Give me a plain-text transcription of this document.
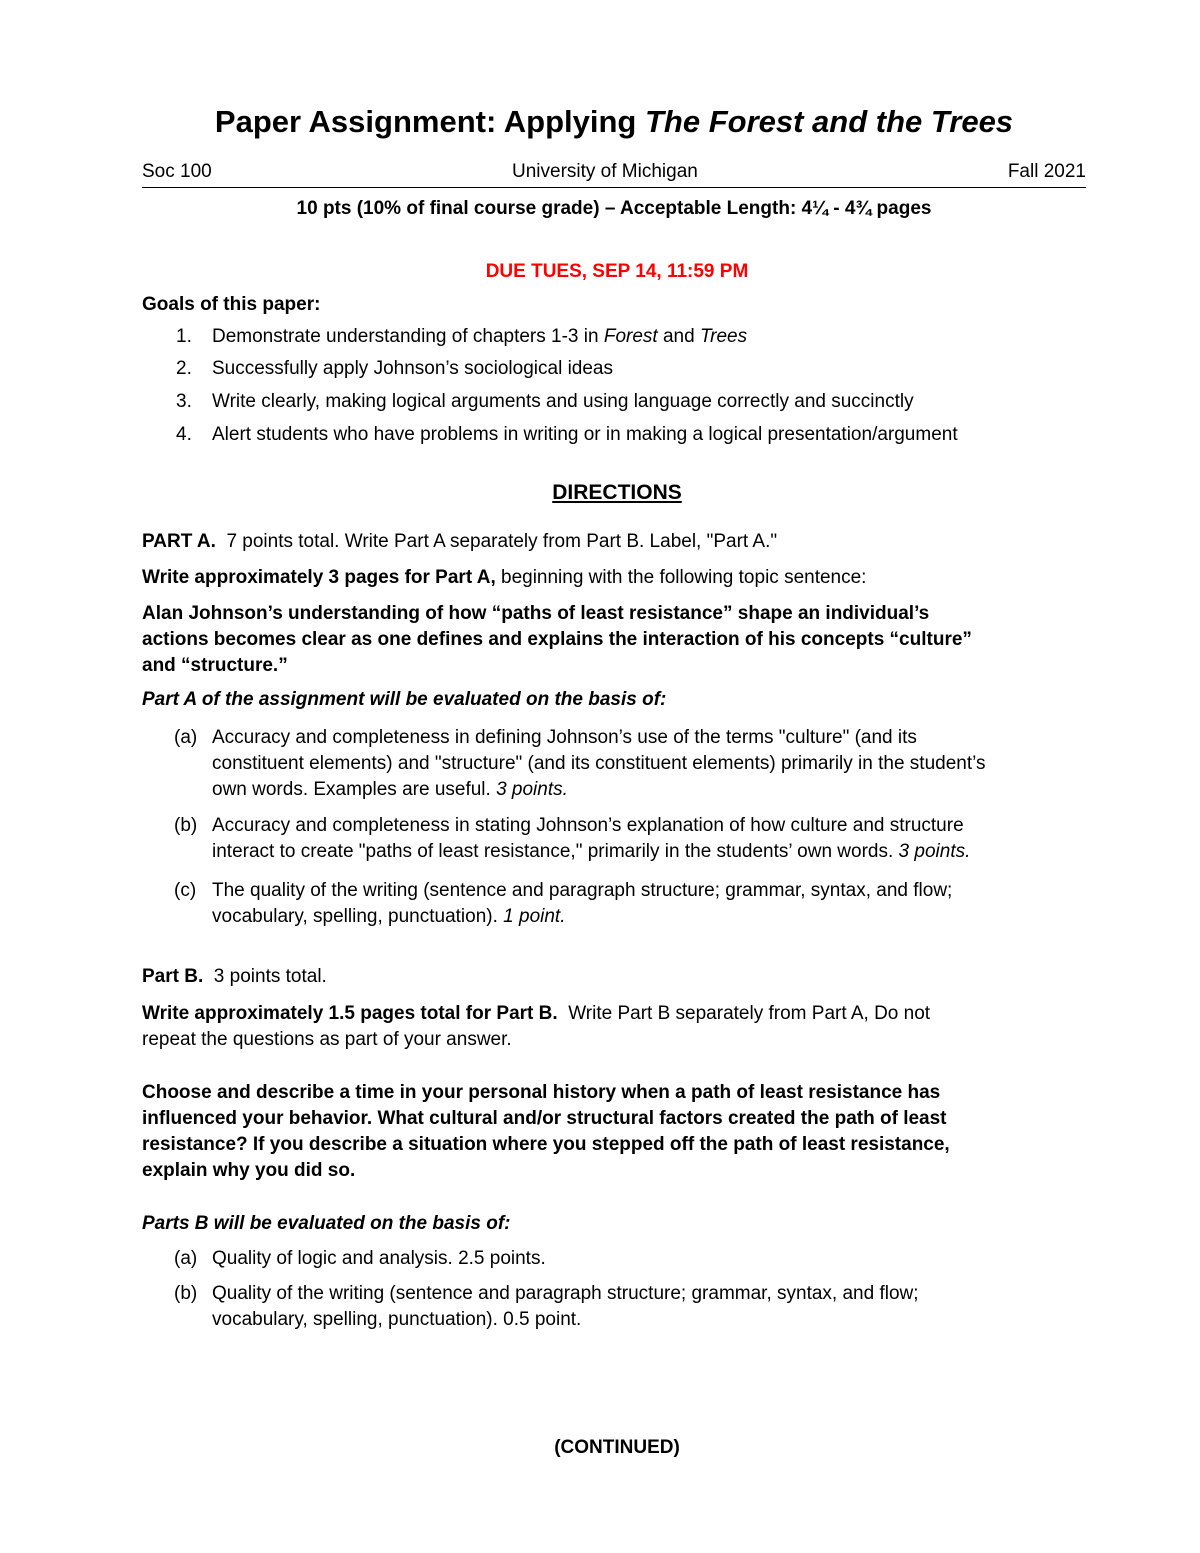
Paper Assignment: Applying The Forest and the Trees
Soc 100	University of Michigan	Fall 2021
10 pts (10% of final course grade) – Acceptable Length: 4¼ - 4¾ pages
DUE TUES, SEP 14, 11:59 PM
Goals of this paper:
1. Demonstrate understanding of chapters 1-3 in Forest and Trees
2. Successfully apply Johnson’s sociological ideas
3. Write clearly, making logical arguments and using language correctly and succinctly
4. Alert students who have problems in writing or in making a logical presentation/argument
DIRECTIONS
PART A.  7 points total. Write Part A separately from Part B. Label, "Part A."
Write approximately 3 pages for Part A, beginning with the following topic sentence:
Alan Johnson’s understanding of how “paths of least resistance” shape an individual’s
actions becomes clear as one defines and explains the interaction of his concepts “culture”
and “structure.”
Part A of the assignment will be evaluated on the basis of:
(a) Accuracy and completeness in defining Johnson’s use of the terms "culture" (and its
constituent elements) and "structure" (and its constituent elements) primarily in the student’s
own words. Examples are useful. 3 points.
(b) Accuracy and completeness in stating Johnson’s explanation of how culture and structure
interact to create "paths of least resistance," primarily in the students’ own words. 3 points.
(c) The quality of the writing (sentence and paragraph structure; grammar, syntax, and flow;
vocabulary, spelling, punctuation). 1 point.
Part B.  3 points total.
Write approximately 1.5 pages total for Part B.  Write Part B separately from Part A, Do not
repeat the questions as part of your answer.
Choose and describe a time in your personal history when a path of least resistance has
influenced your behavior. What cultural and/or structural factors created the path of least
resistance? If you describe a situation where you stepped off the path of least resistance,
explain why you did so.
Parts B will be evaluated on the basis of:
(a) Quality of logic and analysis. 2.5 points.
(b) Quality of the writing (sentence and paragraph structure; grammar, syntax, and flow;
vocabulary, spelling, punctuation). 0.5 point.
(CONTINUED)
